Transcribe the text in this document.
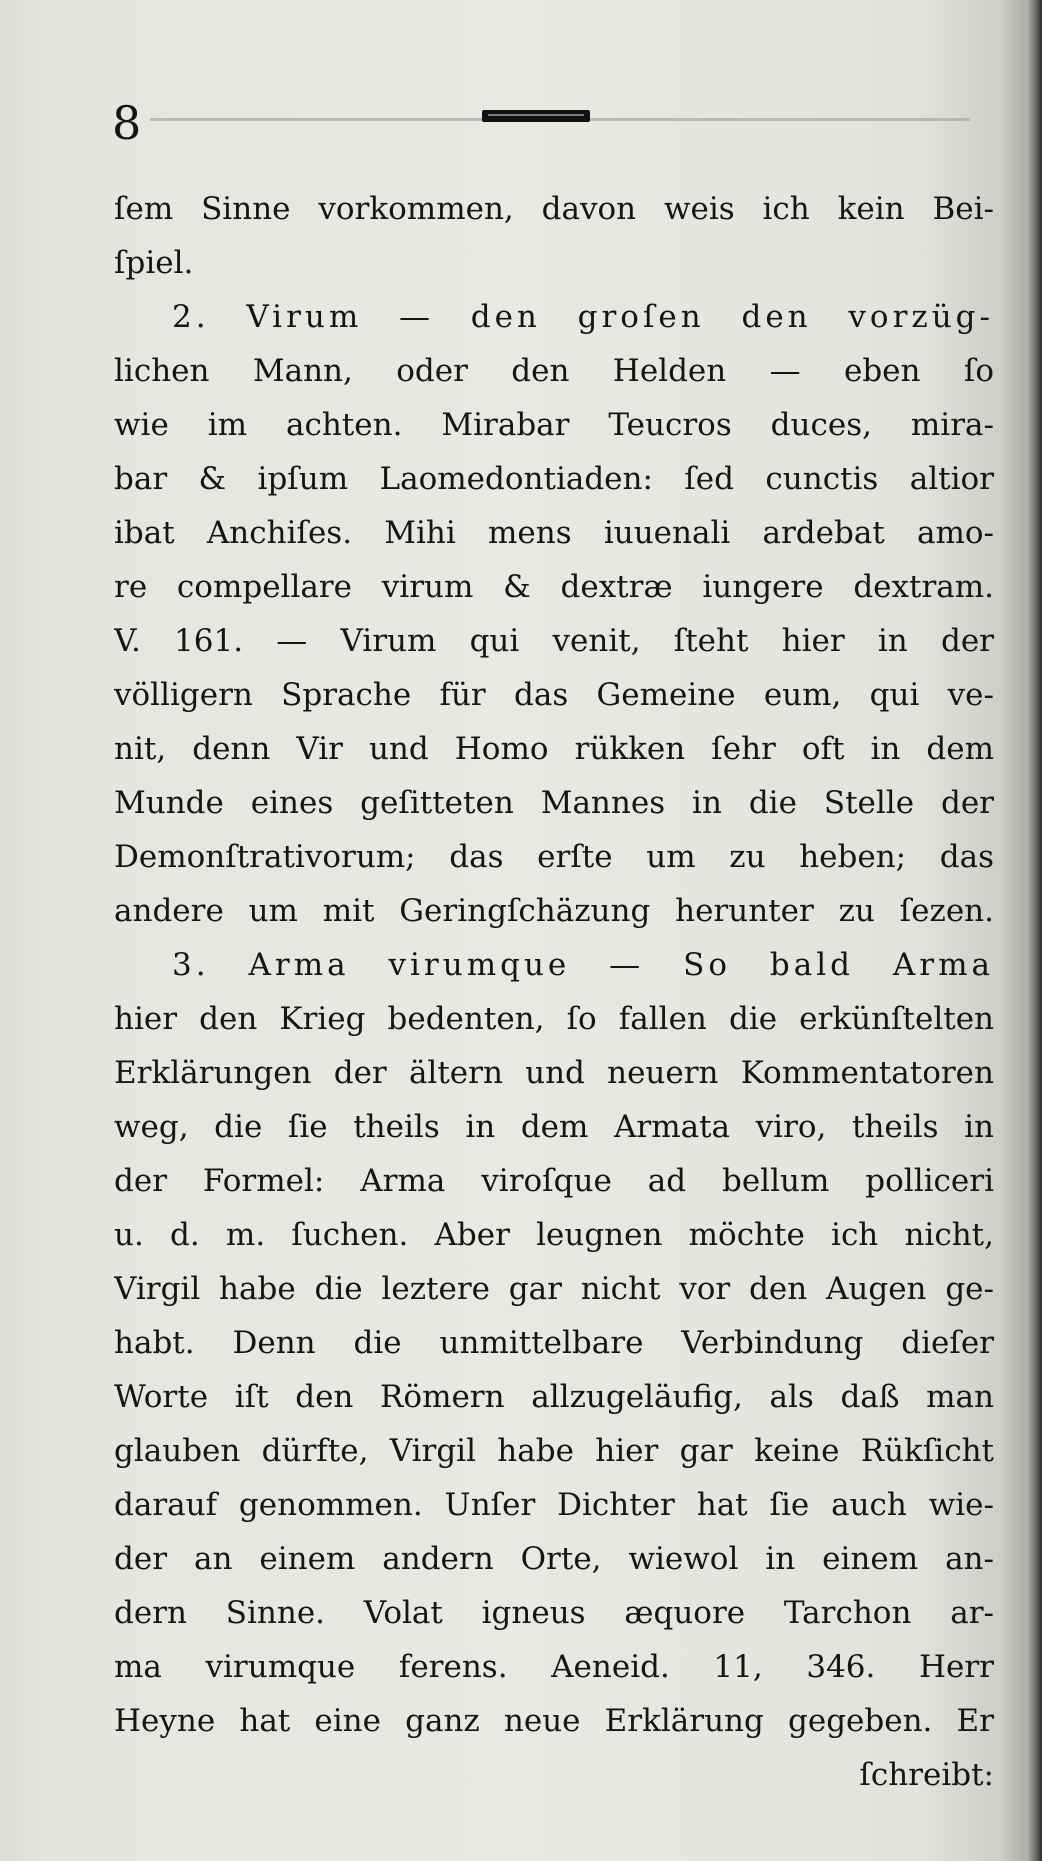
8
ſem Sinne vorkommen, davon weis ich kein Bei-
ſpiel.
2. Virum — den groſen den vorzüg-
lichen Mann, oder den Helden — eben ſo
wie im achten. Mirabar Teucros duces, mira-
bar & ipſum Laomedontiaden: ſed cunctis altior
ibat Anchiſes. Mihi mens iuuenali ardebat amo-
re compellare virum & dextræ iungere dextram.
V. 161. — Virum qui venit, ſteht hier in der
völligern Sprache für das Gemeine eum, qui ve-
nit, denn Vir und Homo rükken ſehr oft in dem
Munde eines geſitteten Mannes in die Stelle der
Demonſtrativorum; das erſte um zu heben; das
andere um mit Geringſchäzung herunter zu ſezen.
3. Arma virumque — So bald Arma
hier den Krieg bedenten, ſo fallen die erkünſtelten
Erklärungen der ältern und neuern Kommentatoren
weg, die ſie theils in dem Armata viro, theils in
der Formel: Arma viroſque ad bellum polliceri
u. d. m. ſuchen. Aber leugnen möchte ich nicht,
Virgil habe die leztere gar nicht vor den Augen ge-
habt. Denn die unmittelbare Verbindung dieſer
Worte iſt den Römern allzugeläufig, als daß man
glauben dürfte, Virgil habe hier gar keine Rükſicht
darauf genommen. Unſer Dichter hat ſie auch wie-
der an einem andern Orte, wiewol in einem an-
dern Sinne. Volat igneus æquore Tarchon ar-
ma virumque ferens. Aeneid. 11, 346. Herr
Heyne hat eine ganz neue Erklärung gegeben. Er
ſchreibt:
